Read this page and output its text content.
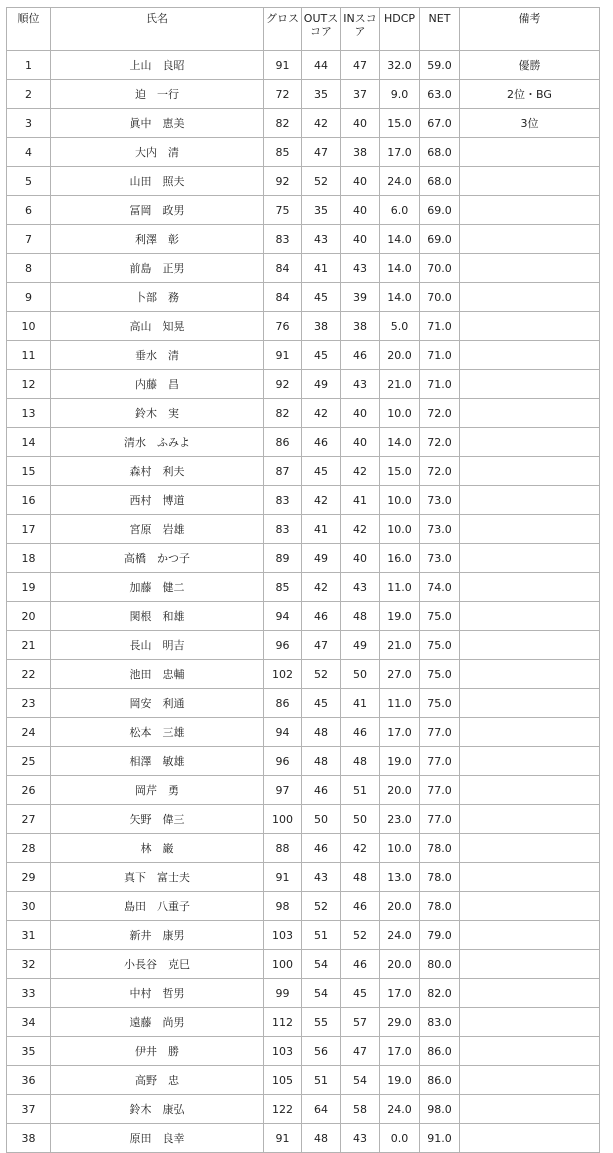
順位	氏名	グロス	OUTスコア	INスコア	HDCP	NET	備考
1	上山　良昭	91	44	47	32.0	59.0	優勝
2	迫　一行	72	35	37	9.0	63.0	2位・BG
3	眞中　恵美	82	42	40	15.0	67.0	3位
4	大内　清	85	47	38	17.0	68.0	
5	山田　照夫	92	52	40	24.0	68.0	
6	冨岡　政男	75	35	40	6.0	69.0	
7	利澤　彰	83	43	40	14.0	69.0	
8	前島　正男	84	41	43	14.0	70.0	
9	卜部　務	84	45	39	14.0	70.0	
10	高山　知晃	76	38	38	5.0	71.0	
11	垂水　清	91	45	46	20.0	71.0	
12	内藤　昌	92	49	43	21.0	71.0	
13	鈴木　実	82	42	40	10.0	72.0	
14	清水　ふみよ	86	46	40	14.0	72.0	
15	森村　利夫	87	45	42	15.0	72.0	
16	西村　博道	83	42	41	10.0	73.0	
17	宮原　岩雄	83	41	42	10.0	73.0	
18	高橋　かつ子	89	49	40	16.0	73.0	
19	加藤　健二	85	42	43	11.0	74.0	
20	関根　和雄	94	46	48	19.0	75.0	
21	長山　明吉	96	47	49	21.0	75.0	
22	池田　忠輔	102	52	50	27.0	75.0	
23	岡安　利通	86	45	41	11.0	75.0	
24	松本　三雄	94	48	46	17.0	77.0	
25	相澤　敏雄	96	48	48	19.0	77.0	
26	岡芹　勇	97	46	51	20.0	77.0	
27	矢野　偉三	100	50	50	23.0	77.0	
28	林　巌	88	46	42	10.0	78.0	
29	真下　富士夫	91	43	48	13.0	78.0	
30	島田　八重子	98	52	46	20.0	78.0	
31	新井　康男	103	51	52	24.0	79.0	
32	小長谷　克巳	100	54	46	20.0	80.0	
33	中村　哲男	99	54	45	17.0	82.0	
34	遠藤　尚男	112	55	57	29.0	83.0	
35	伊井　勝	103	56	47	17.0	86.0	
36	高野　忠	105	51	54	19.0	86.0	
37	鈴木　康弘	122	64	58	24.0	98.0	
38	原田　良幸	91	48	43	0.0	91.0	
